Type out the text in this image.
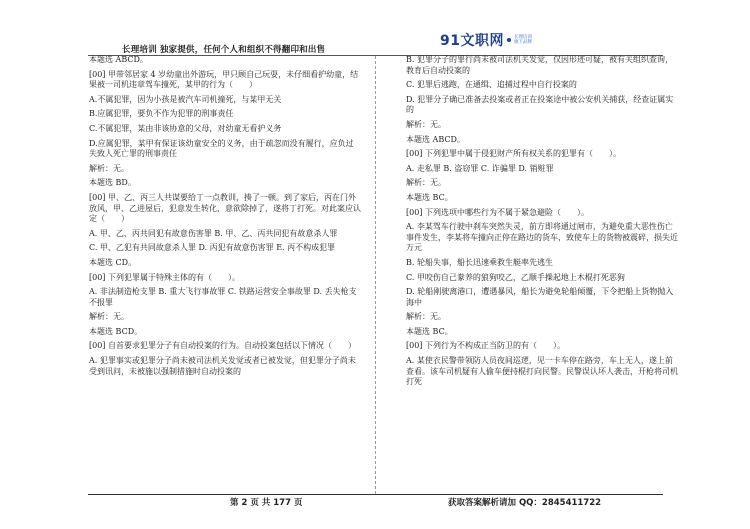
长理培训 独家提供，任何个人和组织不得翻印和出售
91文职网 长理培训
旗下品牌

本题选 ABCD。

[00] 甲带邻居家 4 岁幼童出外游玩，甲只顾自己玩耍，未仔细看护幼童，结果被一司机违章驾车撞死，某甲的行为（　　）

A.不属犯罪，因为小孩是被汽车司机撞死，与某甲无关

B.应属犯罪，要负不作为犯罪的刑事责任

C.不属犯罪，某由非该协意的父母，对幼童无看护义务

D.应属犯罪，某甲有保证该幼童安全的义务，由于疏忽而没有履行，应负过失致人死亡罪的刑事责任

解析：无。

本题选 BD。

[00] 甲、乙、丙三人共谋要给丁一点教训，揍了一顿。到了家后，丙在门外放风，甲、乙进屋后，犯意发生转化，意欲除掉了，遂将丁打死。对此案应认定（　　）

A. 甲、乙、丙共同犯有故意伤害罪 B. 甲、乙、丙共同犯有故意杀人罪

C. 甲、乙犯有共同故意杀人罪 D. 丙犯有故意伤害罪 E. 丙不构成犯罪

本题选 CD。

[00] 下列犯罪属于特殊主体的有（　　）。

A. 非法制造枪支罪 B. 重大飞行事故罪 C. 铁路运营安全事故罪 D. 丢失枪支不报罪

解析：无。

本题选 BCD。

[00] 自首要求犯罪分子有自动投案的行为。自动投案包括以下情况（　　）

A. 犯罪事实或犯罪分子尚未被司法机关发觉或者已被发觉，但犯罪分子尚未受到讯问，未被施以强制措施时自动投案的

B. 犯罪分子的罪行尚未被司法机关发觉，仅因形迹可疑，被有关组织查询，教育后自动投案的

C. 犯罪后逃跑，在通缉、追捕过程中自行投案的

D. 犯罪分子确已准备去投案或者正在投案途中被公安机关捕获，经查证属实的

解析：无。

本题选 ABCD。

[00] 下列犯罪中属于侵犯财产所有权关系的犯罪有（　　）。

A. 走私罪 B. 盗窃罪 C. 诈骗罪 D. 销赃罪

解析：无。

本题选 BC。

[00] 下列选项中哪些行为不属于紧急避险（　　）。

A. 李某驾车行驶中刹车突然失灵，前方即将通过闸市，为避免重大恶性伤亡事件发生，李某将车撞向正停在路边的货车，致使车上的货物被震碎，损失近万元

B. 轮船失事，船长迅速乘救生艇率先逃生

C. 甲咬伤自己豢养的狼狗咬乙，乙顺手操起地上木棍打死恶狗

D. 轮船刚驶离港口，遭遇暴风，船长为避免轮船倾覆，下令把船上货物抛入海中

解析：无。

本题选 BC。

[00] 下列行为不构成正当防卫的有（　　）。

A. 某使衣民警带领防人员夜间巡逻，见一卡车停在路旁，车上无人，遂上前查看。该车司机疑有人偷车便持棍打向民警。民警误认坏人袭击，开枪将司机打死

第 2 页 共 177 页	获取答案解析请加 QQ：2845411722
